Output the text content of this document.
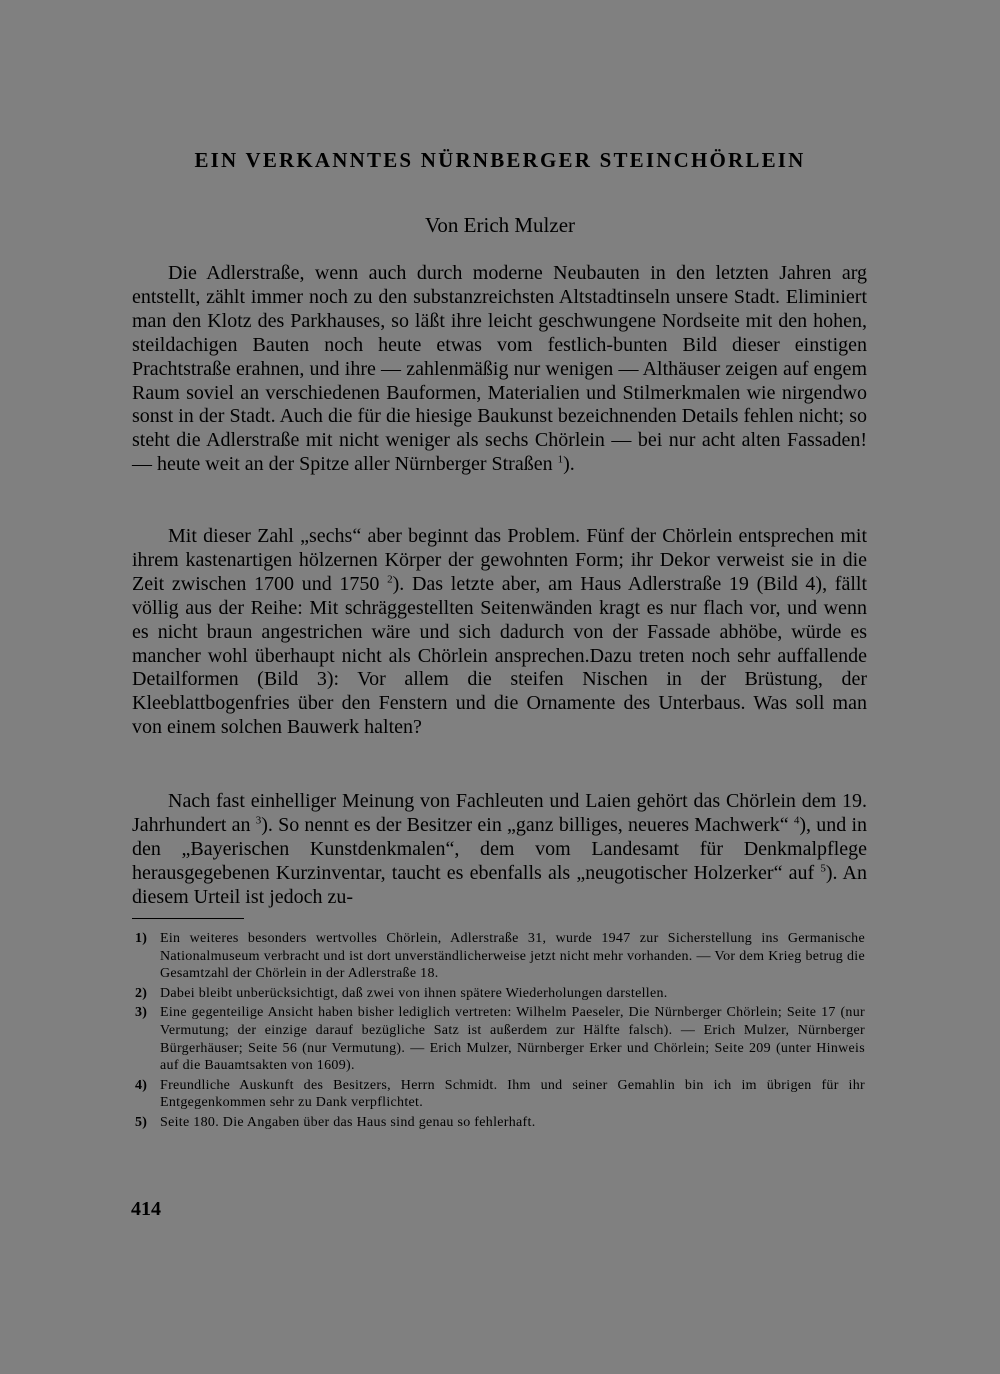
EIN VERKANNTES NÜRNBERGER STEINCHÖRLEIN

Von Erich Mulzer

Die Adlerstraße, wenn auch durch moderne Neubauten in den letzten Jahren arg entstellt, zählt immer noch zu den substanzreichsten Altstadtinseln unsere Stadt. Eliminiert man den Klotz des Parkhauses, so läßt ihre leicht geschwungene Nordseite mit den hohen, steildachigen Bauten noch heute etwas vom festlich-bunten Bild dieser einstigen Prachtstraße erahnen, und ihre — zahlenmäßig nur wenigen — Althäuser zeigen auf engem Raum soviel an verschiedenen Bauformen, Materialien und Stilmerkmalen wie nirgendwo sonst in der Stadt. Auch die für die hiesige Baukunst bezeichnenden Details fehlen nicht; so steht die Adlerstraße mit nicht weniger als sechs Chörlein — bei nur acht alten Fassaden! — heute weit an der Spitze aller Nürnberger Straßen $^1$).

Mit dieser Zahl „sechs“ aber beginnt das Problem. Fünf der Chörlein entsprechen mit ihrem kastenartigen hölzernen Körper der gewohnten Form; ihr Dekor verweist sie in die Zeit zwischen 1700 und 1750 $^2$). Das letzte aber, am Haus Adlerstraße 19 (Bild 4), fällt völlig aus der Reihe: Mit schräggestellten Seitenwänden kragt es nur flach vor, und wenn es nicht braun angestrichen wäre und sich dadurch von der Fassade abhöbe, würde es mancher wohl überhaupt nicht als Chörlein ansprechen.Dazu treten noch sehr auffallende Detailformen (Bild 3): Vor allem die steifen Nischen in der Brüstung, der Kleeblattbogenfries über den Fenstern und die Ornamente des Unterbaus. Was soll man von einem solchen Bauwerk halten?

Nach fast einhelliger Meinung von Fachleuten und Laien gehört das Chörlein dem 19. Jahrhundert an $^3$). So nennt es der Besitzer ein „ganz billiges, neueres Machwerk“ $^4$), und in den „Bayerischen Kunstdenkmalen“, dem vom Landesamt für Denkmalpflege herausgegebenen Kurzinventar, taucht es ebenfalls als „neugotischer Holzerker“ auf $^5$). An diesem Urteil ist jedoch zu-

1) Ein weiteres besonders wertvolles Chörlein, Adlerstraße 31, wurde 1947 zur Sicherstellung ins Germanische Nationalmuseum verbracht und ist dort unverständlicherweise jetzt nicht mehr vorhanden. — Vor dem Krieg betrug die Gesamtzahl der Chörlein in der Adlerstraße 18.

2) Dabei bleibt unberücksichtigt, daß zwei von ihnen spätere Wiederholungen darstellen.

3) Eine gegenteilige Ansicht haben bisher lediglich vertreten: Wilhelm Paeseler, Die Nürnberger Chörlein; Seite 17 (nur Vermutung; der einzige darauf bezügliche Satz ist außerdem zur Hälfte falsch). — Erich Mulzer, Nürnberger Bürgerhäuser; Seite 56 (nur Vermutung). — Erich Mulzer, Nürnberger Erker und Chörlein; Seite 209 (unter Hinweis auf die Bauamtsakten von 1609).

4) Freundliche Auskunft des Besitzers, Herrn Schmidt. Ihm und seiner Gemahlin bin ich im übrigen für ihr Entgegenkommen sehr zu Dank verpflichtet.

5) Seite 180. Die Angaben über das Haus sind genau so fehlerhaft.

414
